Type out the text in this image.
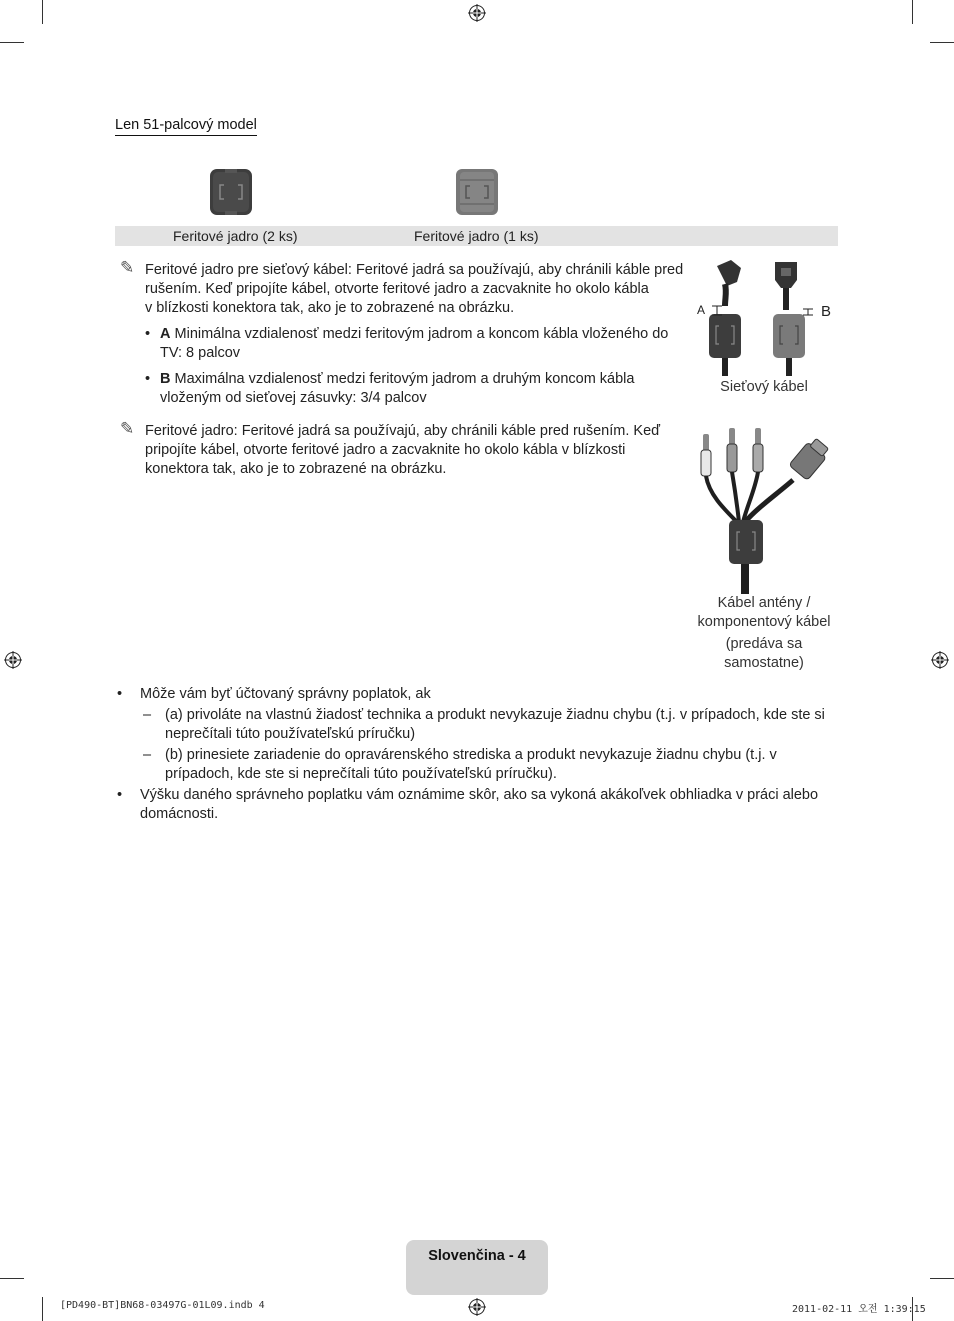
Len 51-palcový model
Feritové jadro (2 ks)	Feritové jadro (1 ks)
✎ Feritové jadro pre sieťový kábel: Feritové jadrá sa používajú, aby chránili káble pred
rušením. Keď pripojíte kábel, otvorte feritové jadro a zacvaknite ho okolo kábla
v blízkosti konektora tak, ako je to zobrazené na obrázku.
• A Minimálna vzdialenosť medzi feritovým jadrom a koncom kábla vloženého do
TV: 8 palcov
• B Maximálna vzdialenosť medzi feritovým jadrom a druhým koncom kábla
vloženým od sieťovej zásuvky: 3/4 palcov
✎ Feritové jadro: Feritové jadrá sa používajú, aby chránili káble pred rušením. Keď
pripojíte kábel, otvorte feritové jadro a zacvaknite ho okolo kábla v blízkosti
konektora tak, ako je to zobrazené na obrázku.
A	B
Sieťový kábel
Kábel antény /
komponentový kábel
(predáva sa
samostatne)
• Môže vám byť účtovaný správny poplatok, ak
– (a) privoláte na vlastnú žiadosť technika a produkt nevykazuje žiadnu chybu (t.j. v prípadoch, kde ste si
neprečítali túto používateľskú príručku)
– (b) prinesiete zariadenie do opravárenského strediska a produkt nevykazuje žiadnu chybu (t.j. v
prípadoch, kde ste si neprečítali túto používateľskú príručku).
• Výšku daného správneho poplatku vám oznámime skôr, ako sa vykoná akákoľvek obhliadka v práci alebo
domácnosti.
Slovenčina - 4
[PD490-BT]BN68-03497G-01L09.indb 4	2011-02-11 오전 1:39:15
